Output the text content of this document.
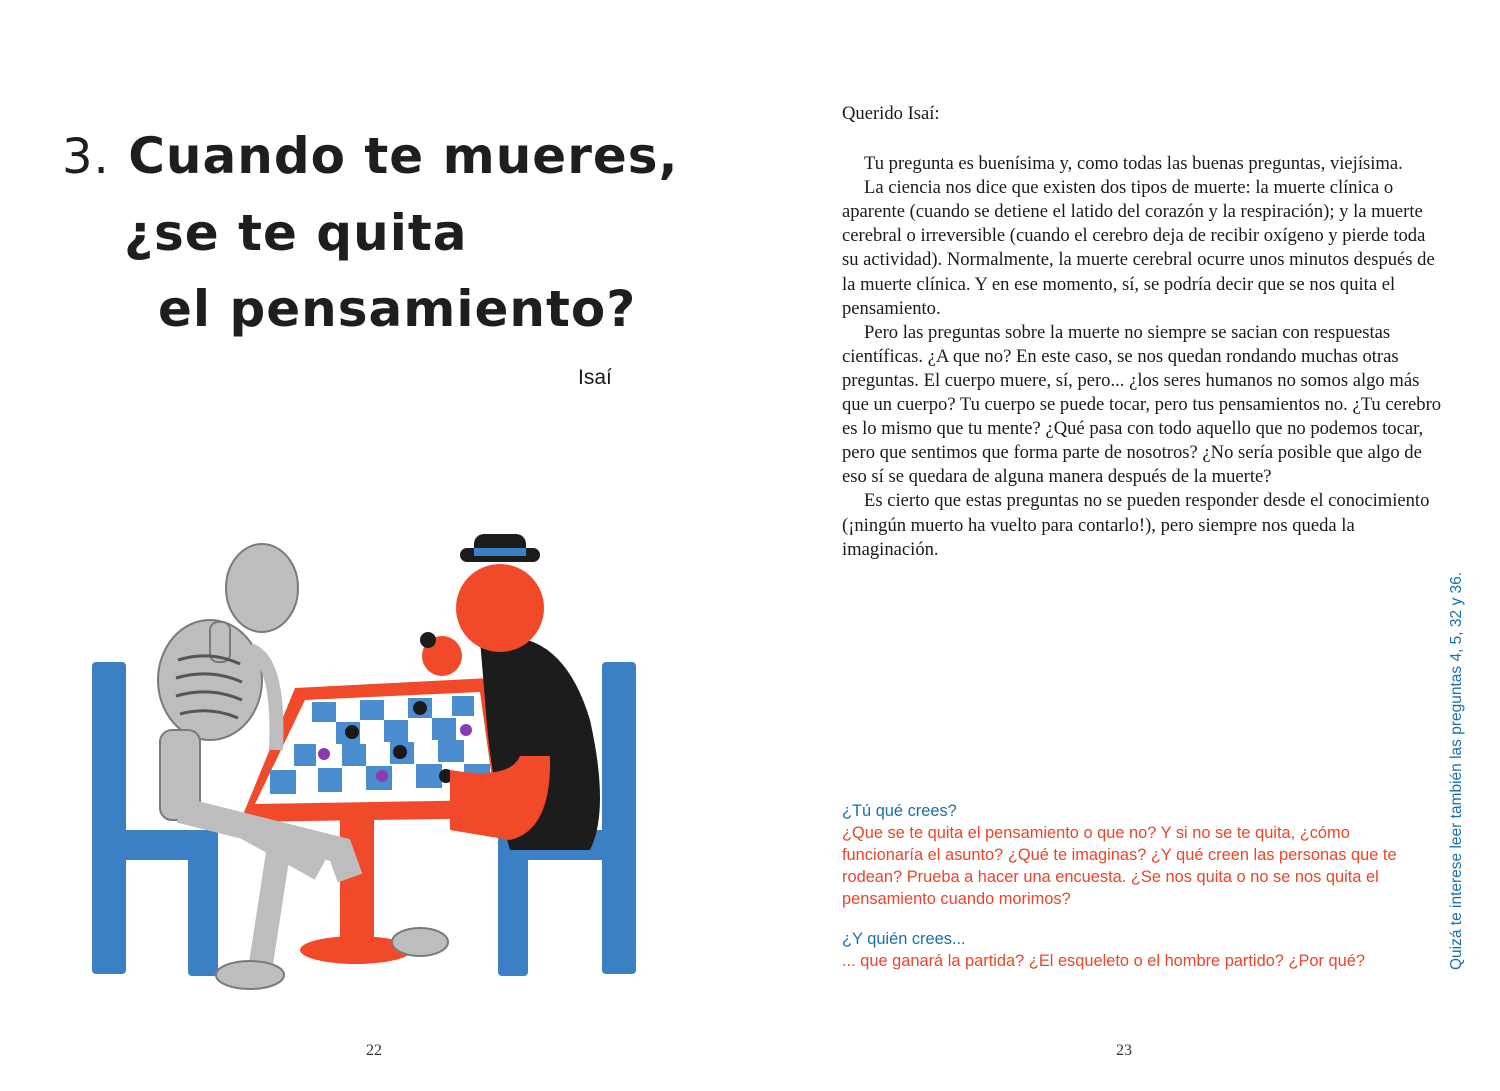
3. Cuando te mueres,
¿se te quita
el pensamiento?
Isaí
22

Querido Isaí:

Tu pregunta es buenísima y, como todas las buenas preguntas, viejísima.

La ciencia nos dice que existen dos tipos de muerte: la muerte clínica o aparente (cuando se detiene el latido del corazón y la respiración); y la muerte cerebral o irreversible (cuando el cerebro deja de recibir oxígeno y pierde toda su actividad). Normalmente, la muerte cerebral ocurre unos minutos después de la muerte clínica. Y en ese momento, sí, se podría decir que se nos quita el pensamiento.

Pero las preguntas sobre la muerte no siempre se sacian con respuestas científicas. ¿A que no? En este caso, se nos quedan rondando muchas otras preguntas. El cuerpo muere, sí, pero... ¿los seres humanos no somos algo más que un cuerpo? Tu cuerpo se puede tocar, pero tus pensamientos no. ¿Tu cerebro es lo mismo que tu mente? ¿Qué pasa con todo aquello que no podemos tocar, pero que sentimos que forma parte de nosotros? ¿No sería posible que algo de eso sí se quedara de alguna manera después de la muerte?

Es cierto que estas preguntas no se pueden responder desde el conocimiento (¡ningún muerto ha vuelto para contarlo!), pero siempre nos queda la imaginación.

¿Tú qué crees?
¿Que se te quita el pensamiento o que no? Y si no se te quita, ¿cómo funcionaría el asunto? ¿Qué te imaginas? ¿Y qué creen las personas que te rodean? Prueba a hacer una encuesta. ¿Se nos quita o no se nos quita el pensamiento cuando morimos?
¿Y quién crees...
... que ganará la partida? ¿El esqueleto o el hombre partido? ¿Por qué?	Quizá te interese leer también las preguntas 4, 5, 32 y 36.
23
